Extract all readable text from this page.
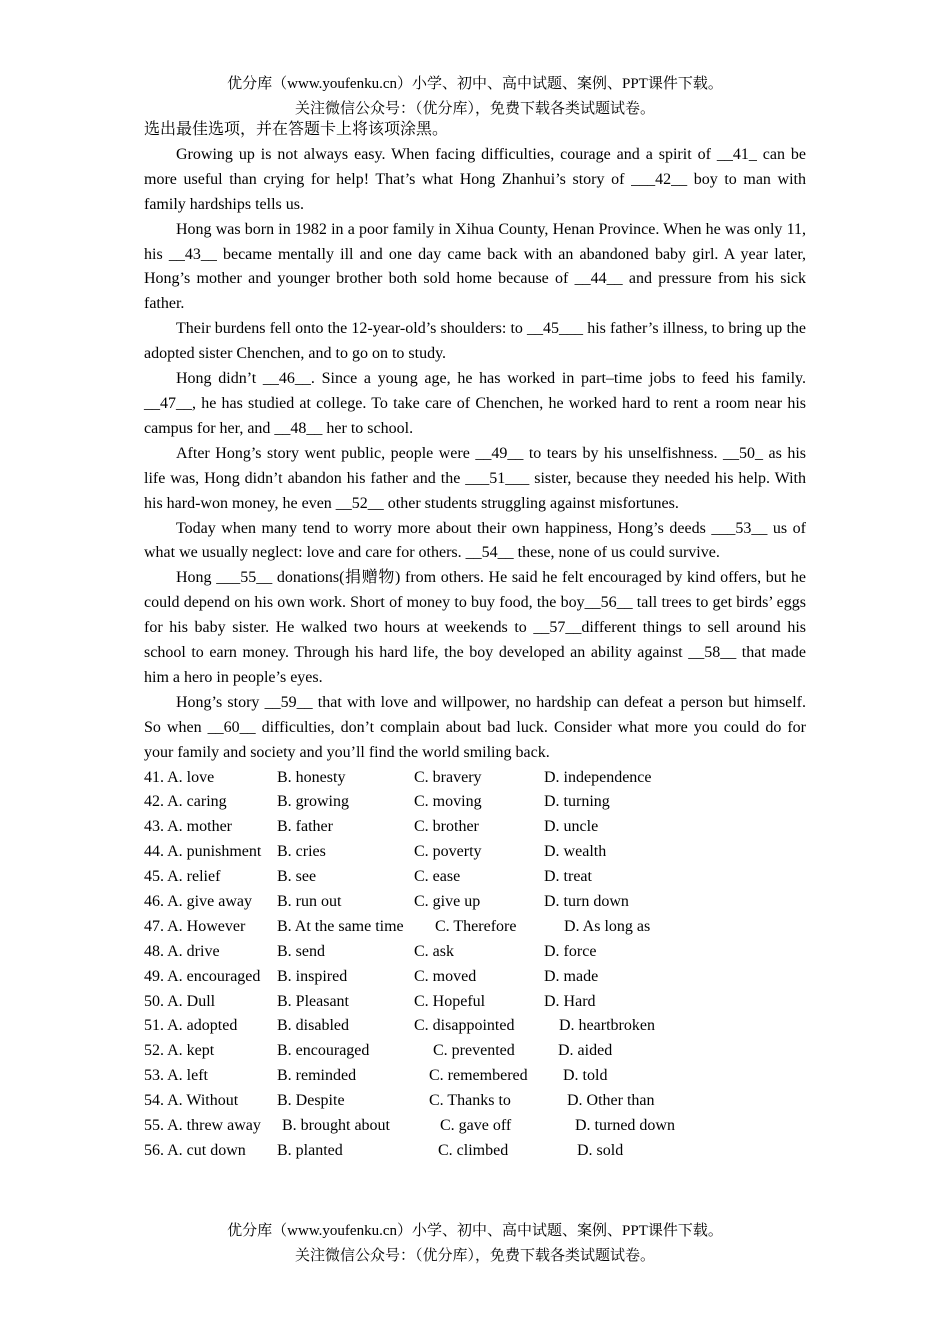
优分库（www.youfenku.cn）小学、初中、高中试题、案例、PPT课件下载。
关注微信公众号：（优分库），免费下载各类试题试卷。

选出最佳选项，并在答题卡上将该项涂黑。

Growing up is not always easy. When facing difficulties, courage and a spirit of __41_ can be more useful than crying for help! That’s what Hong Zhanhui’s story of ___42__ boy to man with family hardships tells us.

Hong was born in 1982 in a poor family in Xihua County, Henan Province. When he was only 11, his __43__ became mentally ill and one day came back with an abandoned baby girl. A year later, Hong’s mother and younger brother both sold home because of __44__ and pressure from his sick father.

Their burdens fell onto the 12-year-old’s shoulders: to __45___ his father’s illness, to bring up the adopted sister Chenchen, and to go on to study.

Hong didn’t __46__. Since a young age, he has worked in part–time jobs to feed his family. __47__, he has studied at college. To take care of Chenchen, he worked hard to rent a room near his campus for her, and __48__ her to school.

After Hong’s story went public, people were __49__ to tears by his unselfishness. __50_ as his life was, Hong didn’t abandon his father and the ___51___ sister, because they needed his help. With his hard-won money, he even __52__ other students struggling against misfortunes.

Today when many tend to worry more about their own happiness, Hong’s deeds ___53__ us of what we usually neglect: love and care for others. __54__ these, none of us could survive.

Hong ___55__ donations(捐赠物) from others. He said he felt encouraged by kind offers, but he could depend on his own work. Short of money to buy food, the boy__56__ tall trees to get birds’ eggs for his baby sister. He walked two hours at weekends to __57__different things to sell around his school to earn money. Through his hard life, the boy developed an ability against __58__ that made him a hero in people’s eyes.

Hong’s story __59__ that with love and willpower, no hardship can defeat a person but himself. So when __60__ difficulties, don’t complain about bad luck. Consider what more you could do for your family and society and you’ll find the world smiling back.

41. A. love	B. honesty	C. bravery	D. independence
42. A. caring	B. growing	C. moving	D. turning
43. A. mother	B. father	C. brother	D. uncle
44. A. punishment B. cries	C. poverty	D. wealth
45. A. relief	B. see	C. ease	D. treat
46. A. give away B. run out	C. give up	D. turn down
47. A. However B. At the same time C. Therefore	D. As long as
48. A. drive	B. send	C. ask	D. force
49. A. encouraged B. inspired	C. moved	D. made
50. A. Dull	B. Pleasant	C. Hopeful	D. Hard
51. A. adopted B. disabled	C. disappointed	D. heartbroken
52. A. kept	B. encouraged	C. prevented	D. aided
53. A. left	B. reminded	C. remembered D. told
54. A. Without B. Despite	C. Thanks to	D. Other than
55. A. threw away B. brought about	C. gave off	D. turned down
56. A. cut down B. planted	C. climbed	D. sold
优分库（www.youfenku.cn）小学、初中、高中试题、案例、PPT课件下载。
关注微信公众号：（优分库），免费下载各类试题试卷。
